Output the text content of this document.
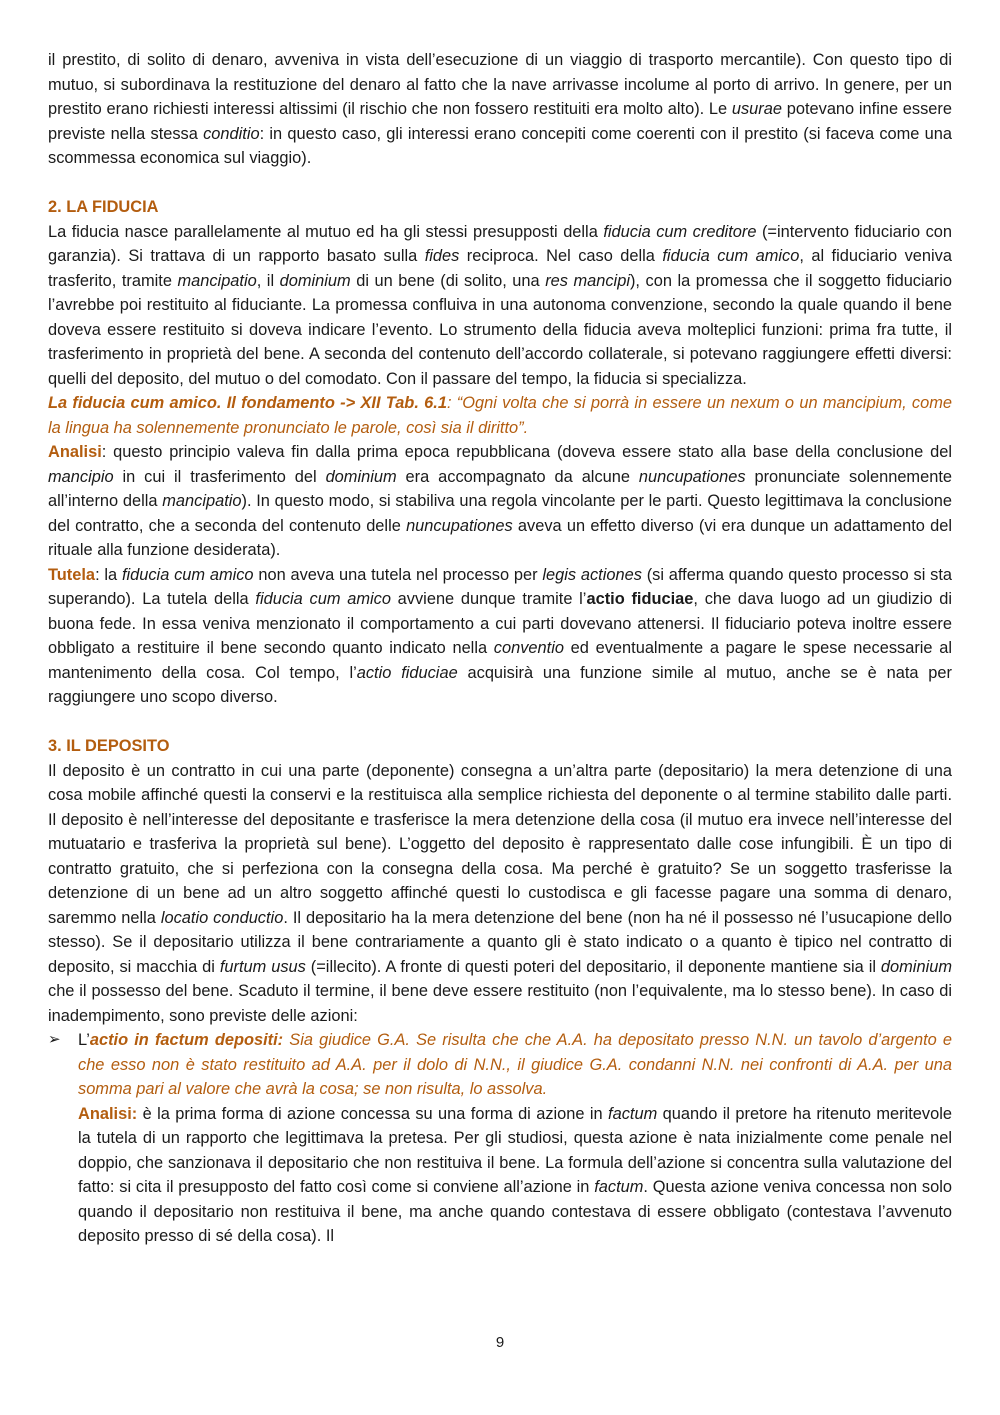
il prestito, di solito di denaro, avveniva in vista dell’esecuzione di un viaggio di trasporto mercantile). Con questo tipo di mutuo, si subordinava la restituzione del denaro al fatto che la nave arrivasse incolume al porto di arrivo. In genere, per un prestito erano richiesti interessi altissimi (il rischio che non fossero restituiti era molto alto). Le usurae potevano infine essere previste nella stessa conditio: in questo caso, gli interessi erano concepiti come coerenti con il prestito (si faceva come una scommessa economica sul viaggio).

2. LA FIDUCIA

La fiducia nasce parallelamente al mutuo ed ha gli stessi presupposti della fiducia cum creditore (=intervento fiduciario con garanzia). Si trattava di un rapporto basato sulla fides reciproca. Nel caso della fiducia cum amico, al fiduciario veniva trasferito, tramite mancipatio, il dominium di un bene (di solito, una res mancipi), con la promessa che il soggetto fiduciario l’avrebbe poi restituito al fiduciante. La promessa confluiva in una autonoma convenzione, secondo la quale quando il bene doveva essere restituito si doveva indicare l’evento. Lo strumento della fiducia aveva molteplici funzioni: prima fra tutte, il trasferimento in proprietà del bene. A seconda del contenuto dell’accordo collaterale, si potevano raggiungere effetti diversi: quelli del deposito, del mutuo o del comodato. Con il passare del tempo, la fiducia si specializza.

La fiducia cum amico. Il fondamento -> XII Tab. 6.1: “Ogni volta che si porrà in essere un nexum o un mancipium, come la lingua ha solennemente pronunciato le parole, così sia il diritto”.

Analisi: questo principio valeva fin dalla prima epoca repubblicana (doveva essere stato alla base della conclusione del mancipio in cui il trasferimento del dominium era accompagnato da alcune nuncupationes pronunciate solennemente all’interno della mancipatio). In questo modo, si stabiliva una regola vincolante per le parti. Questo legittimava la conclusione del contratto, che a seconda del contenuto delle nuncupationes aveva un effetto diverso (vi era dunque un adattamento del rituale alla funzione desiderata).

Tutela: la fiducia cum amico non aveva una tutela nel processo per legis actiones (si afferma quando questo processo si sta superando). La tutela della fiducia cum amico avviene dunque tramite l’actio fiduciae, che dava luogo ad un giudizio di buona fede. In essa veniva menzionato il comportamento a cui parti dovevano attenersi. Il fiduciario poteva inoltre essere obbligato a restituire il bene secondo quanto indicato nella conventio ed eventualmente a pagare le spese necessarie al mantenimento della cosa. Col tempo, l’actio fiduciae acquisirà una funzione simile al mutuo, anche se è nata per raggiungere uno scopo diverso.

3. IL DEPOSITO

Il deposito è un contratto in cui una parte (deponente) consegna a un’altra parte (depositario) la mera detenzione di una cosa mobile affinché questi la conservi e la restituisca alla semplice richiesta del deponente o al termine stabilito dalle parti. Il deposito è nell’interesse del depositante e trasferisce la mera detenzione della cosa (il mutuo era invece nell’interesse del mutuatario e trasferiva la proprietà sul bene). L’oggetto del deposito è rappresentato dalle cose infungibili. È un tipo di contratto gratuito, che si perfeziona con la consegna della cosa. Ma perché è gratuito? Se un soggetto trasferisse la detenzione di un bene ad un altro soggetto affinché questi lo custodisca e gli facesse pagare una somma di denaro, saremmo nella locatio conductio. Il depositario ha la mera detenzione del bene (non ha né il possesso né l’usucapione dello stesso). Se il depositario utilizza il bene contrariamente a quanto gli è stato indicato o a quanto è tipico nel contratto di deposito, si macchia di furtum usus (=illecito). A fronte di questi poteri del depositario, il deponente mantiene sia il dominium che il possesso del bene. Scaduto il termine, il bene deve essere restituito (non l’equivalente, ma lo stesso bene). In caso di inadempimento, sono previste delle azioni:

➢ L’actio in factum depositi: Sia giudice G.A. Se risulta che che A.A. ha depositato presso N.N. un tavolo d’argento e che esso non è stato restituito ad A.A. per il dolo di N.N., il giudice G.A. condanni N.N. nei confronti di A.A. per una somma pari al valore che avrà la cosa; se non risulta, lo assolva.

Analisi: è la prima forma di azione concessa su una forma di azione in factum quando il pretore ha ritenuto meritevole la tutela di un rapporto che legittimava la pretesa. Per gli studiosi, questa azione è nata inizialmente come penale nel doppio, che sanzionava il depositario che non restituiva il bene. La formula dell’azione si concentra sulla valutazione del fatto: si cita il presupposto del fatto così come si conviene all’azione in factum. Questa azione veniva concessa non solo quando il depositario non restituiva il bene, ma anche quando contestava di essere obbligato (contestava l’avvenuto deposito presso di sé della cosa). Il

9
